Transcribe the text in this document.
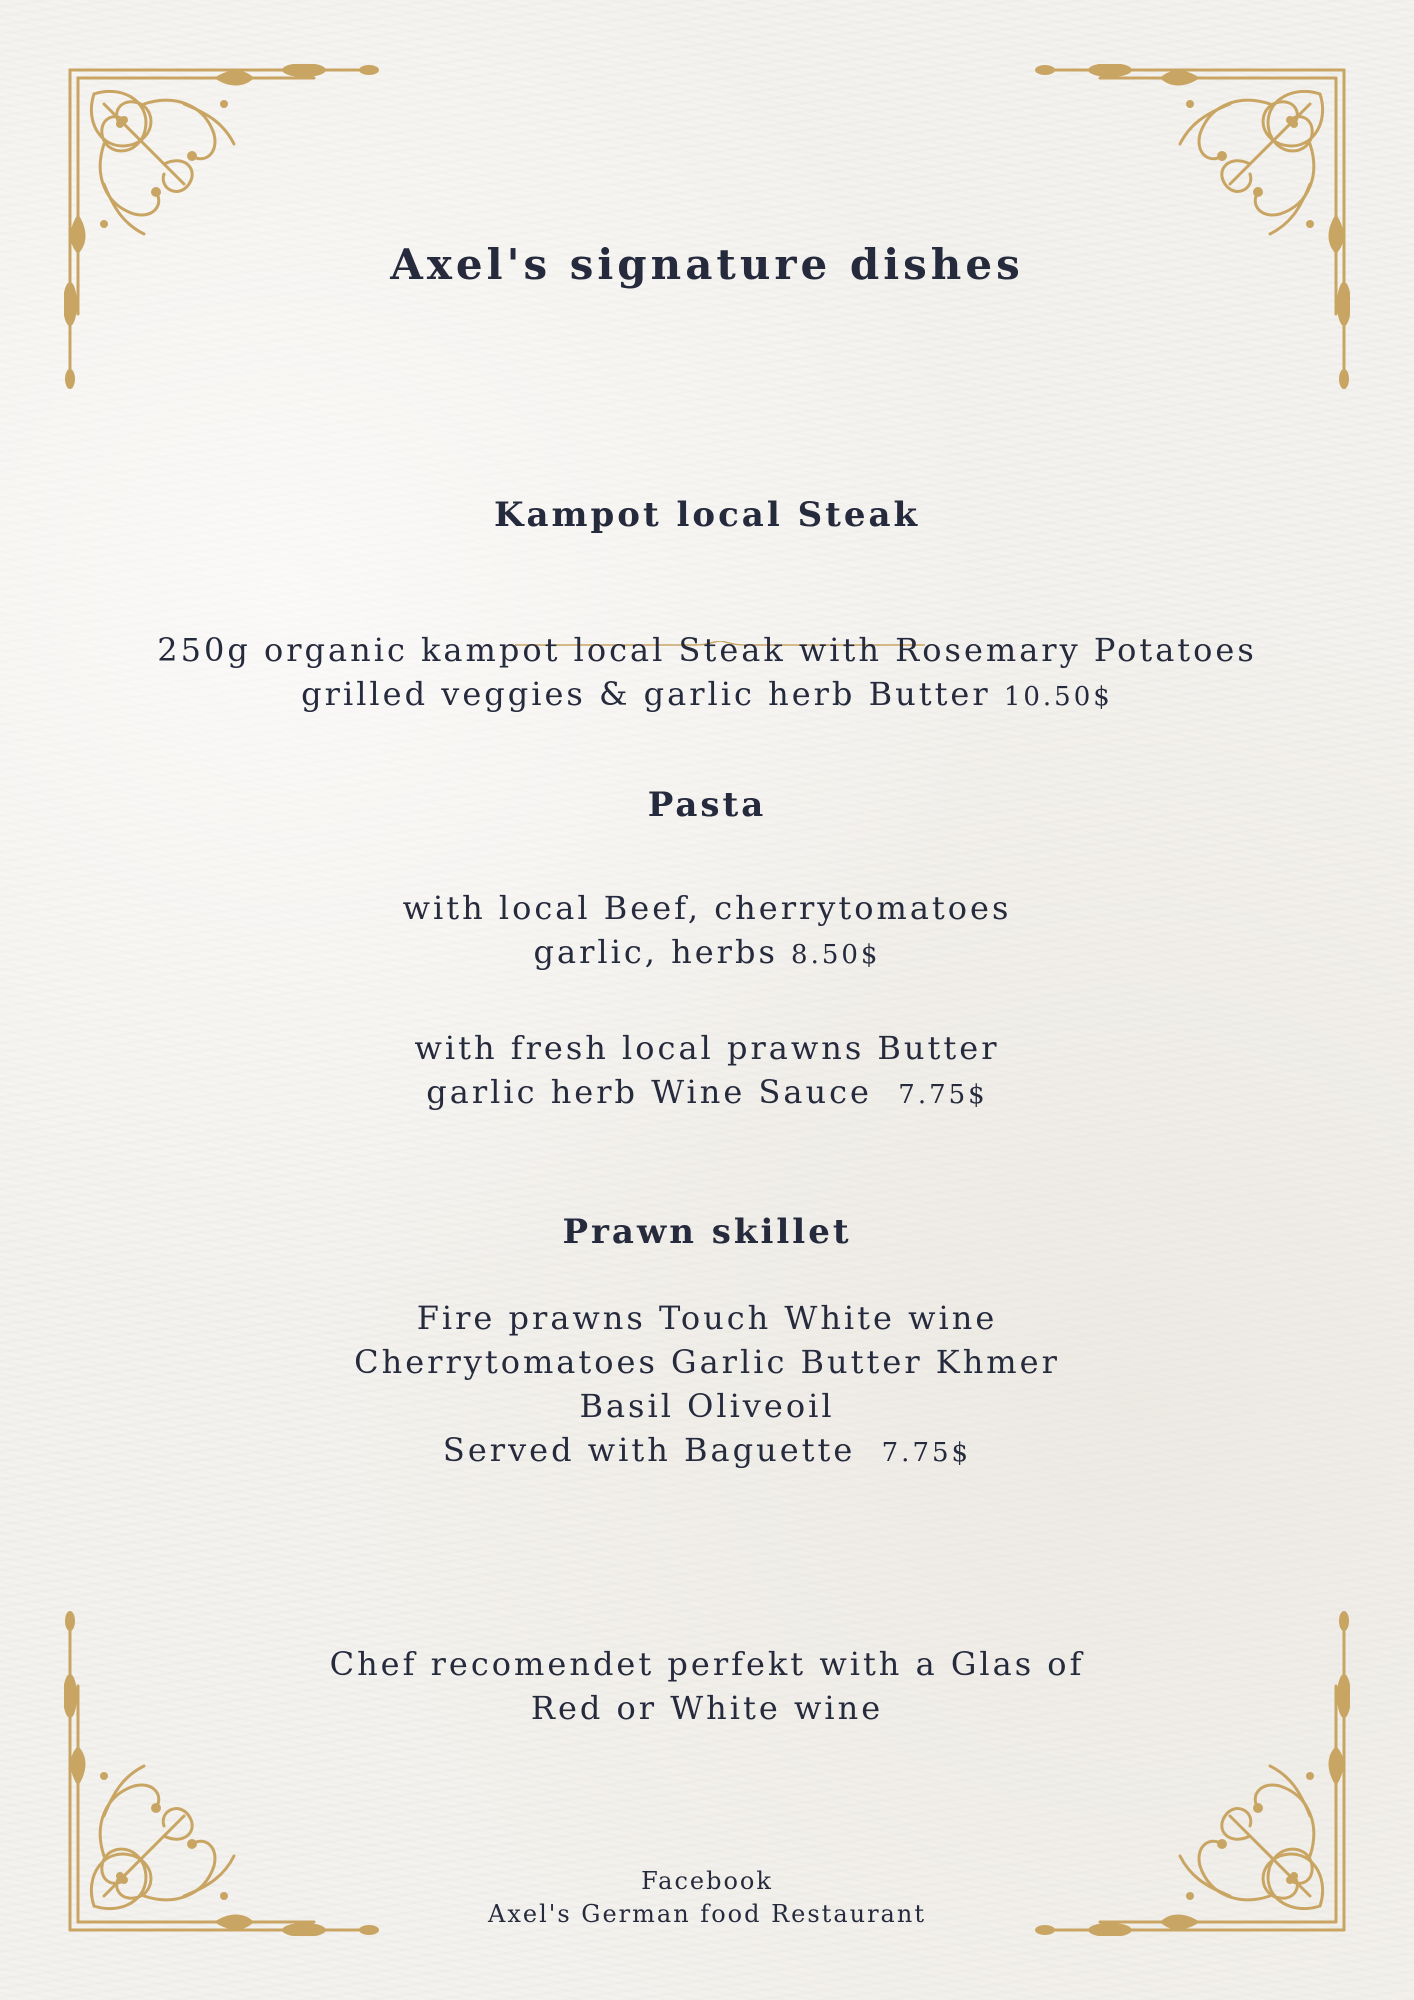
Axel's signature dishes
Kampot local Steak

250g organic kampot local Steak with Rosemary Potatoes

grilled veggies & garlic herb Butter 10.50$

Pasta

with local Beef, cherrytomatoes

garlic, herbs 8.50$

with fresh local prawns Butter

garlic herb Wine Sauce 7.75$

Prawn skillet

Fire prawns Touch White wine

Cherrytomatoes Garlic Butter Khmer

Basil Oliveoil

Served with Baguette 7.75$

Chef recomendet perfekt with a Glas of

Red or White wine

Facebook

Axel's German food Restaurant
